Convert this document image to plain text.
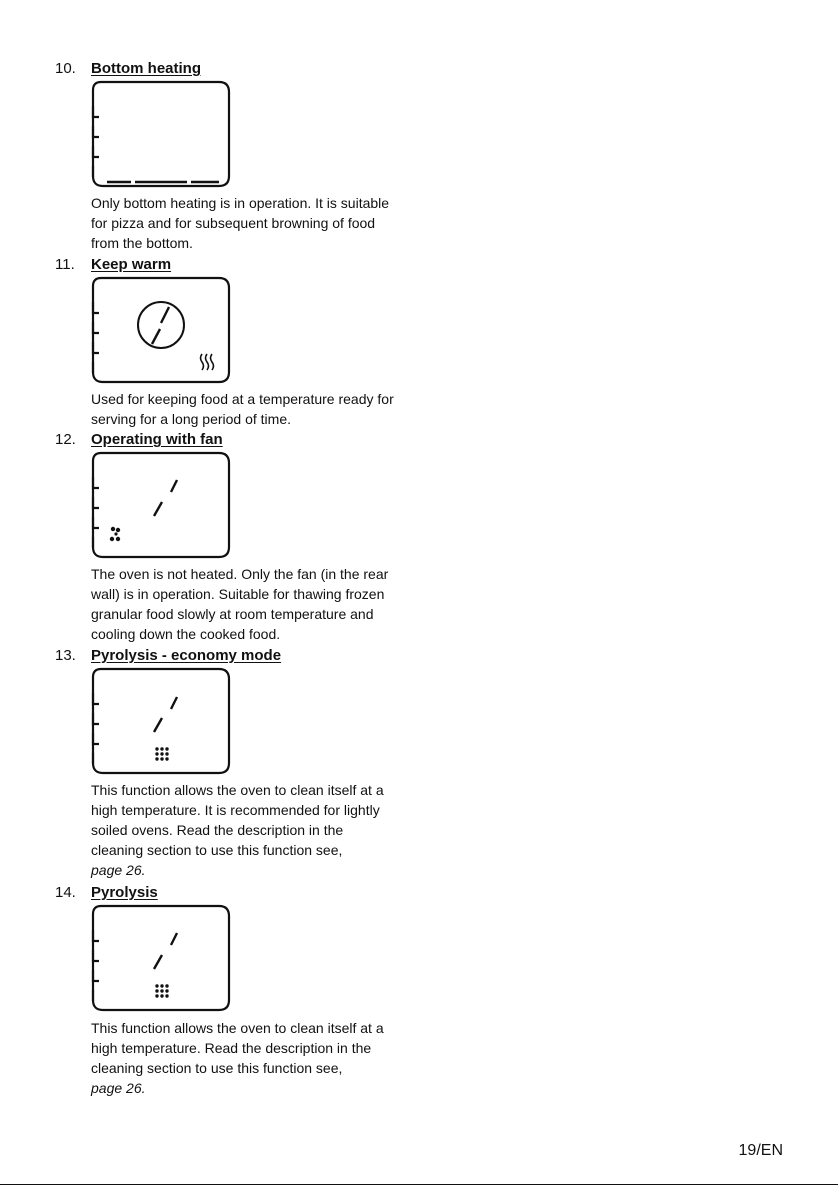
10. Bottom heating

Only bottom heating is in operation. It is suitable
for pizza and for subsequent browning of food
from the bottom.

11. Keep warm

Used for keeping food at a temperature ready for
serving for a long period of time.

12. Operating with fan

The oven is not heated. Only the fan (in the rear
wall) is in operation. Suitable for thawing frozen
granular food slowly at room temperature and
cooling down the cooked food.

13. Pyrolysis - economy mode

This function allows the oven to clean itself at a
high temperature. It is recommended for lightly
soiled ovens. Read the description in the
cleaning section to use this function see,
page 26.

14. Pyrolysis

This function allows the oven to clean itself at a
high temperature. Read the description in the
cleaning section to use this function see,
page 26.

19/EN
